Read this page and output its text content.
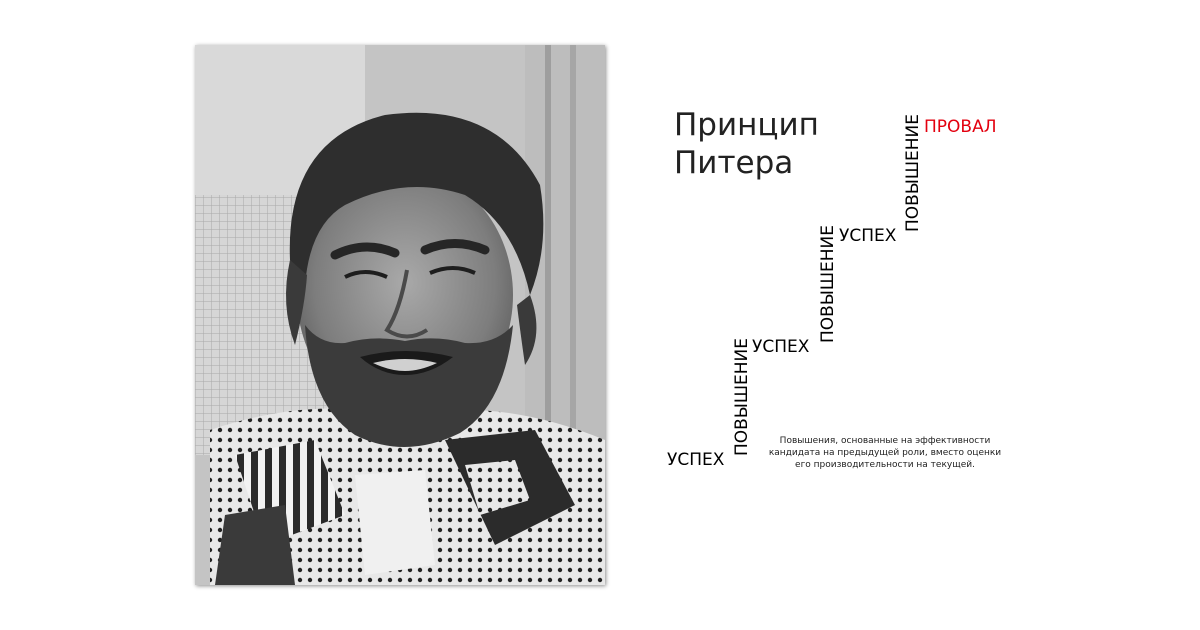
Принцип
Питера
УСПЕХ
ПОВЫШЕНИЕ УСПЕХ
ПОВЫШЕНИЕ УСПЕХ
ПОВЫШЕНИЕ ПРОВАЛ
Повышения, основанные на эффективности кандидата на предыдущей роли, вместо оценки его производительности на текущей.
